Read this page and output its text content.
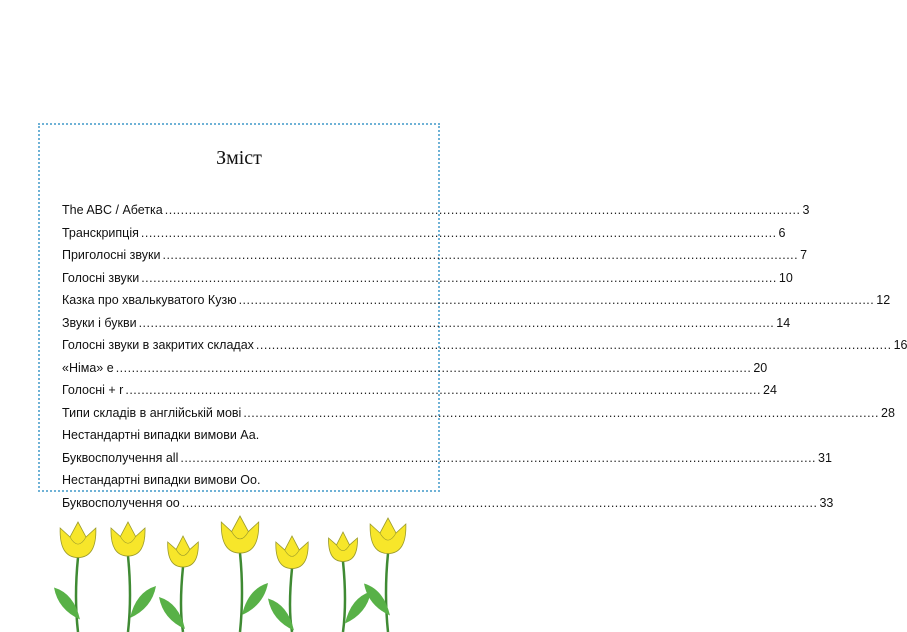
Зміст
The ABC / Абетка ................................................................................................................................................................ 3
Транскрипція ................................................................................................................................................................ 6
Приголосні звуки ................................................................................................................................................................ 7
Голосні звуки ................................................................................................................................................................ 10
Казка про хвалькуватого Кузю ................................................................................................................................................................ 12
Звуки і букви ................................................................................................................................................................ 14
Голосні звуки в закритих складах ................................................................................................................................................................ 16
«Німа» e ................................................................................................................................................................ 20
Голосні + r ................................................................................................................................................................ 24
Типи складів в англійській мові ................................................................................................................................................................ 28
Нестандартні випадки вимови Аа.
Буквосполучення all ................................................................................................................................................................ 31
Нестандартні випадки вимови Оо.
Буквосполучення oo ................................................................................................................................................................ 33
